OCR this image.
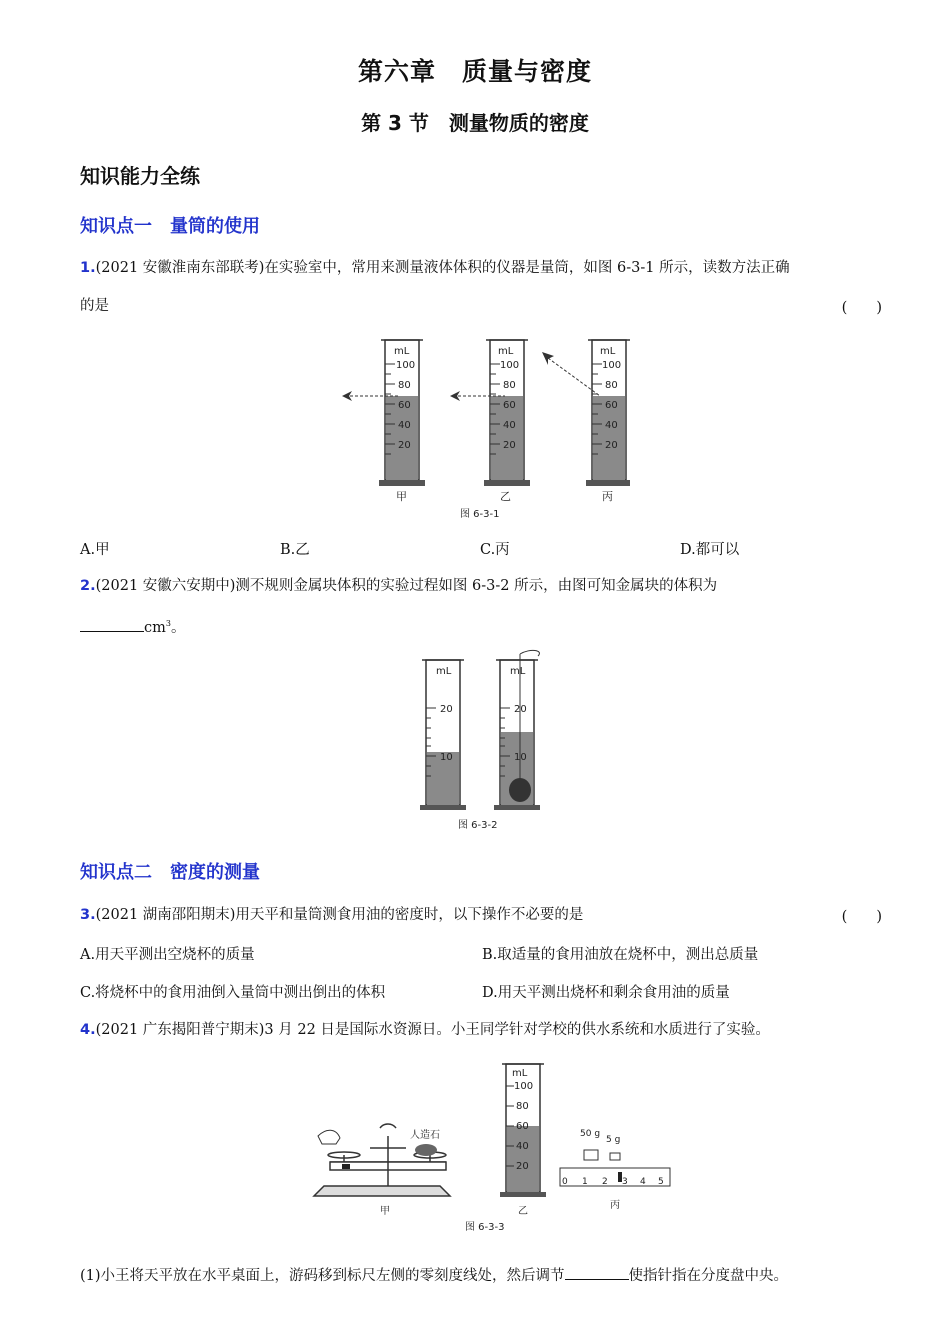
第六章　质量与密度
第 3 节　测量物质的密度
知识能力全练
知识点一　量筒的使用
1.(2021 安徽淮南东部联考)在实验室中，常用来测量液体体积的仪器是量筒，如图 6-3-1 所示，读数方法正确
的是	(　　)
mL
100
80
60
40
20
mL
100
80
60
40
20
mL
100
80
60
40
20
甲	乙	丙
图 6-3-1
A.甲	B.乙	C.丙	D.都可以
2.(2021 安徽六安期中)测不规则金属块体积的实验过程如图 6-3-2 所示，由图可知金属块的体积为
$cm^3$。
mL
20
10
mL
20
10
图 6-3-2
知识点二　密度的测量
3.(2021 湖南邵阳期末)用天平和量筒测食用油的密度时，以下操作不必要的是	(　　)
A.用天平测出空烧杯的质量	B.取适量的食用油放在烧杯中，测出总质量
C.将烧杯中的食用油倒入量筒中测出倒出的体积	D.用天平测出烧杯和剩余食用油的质量
4.(2021 广东揭阳普宁期末)3 月 22 日是国际水资源日。小王同学针对学校的供水系统和水质进行了实验。
人造石
甲
mL
100
80
60
40
20
乙
50 g
5 g
0 1 2 3 4 5
丙
图 6-3-3
(1)小王将天平放在水平桌面上，游码移到标尺左侧的零刻度线处，然后调节	使指针指在分度盘中央。
